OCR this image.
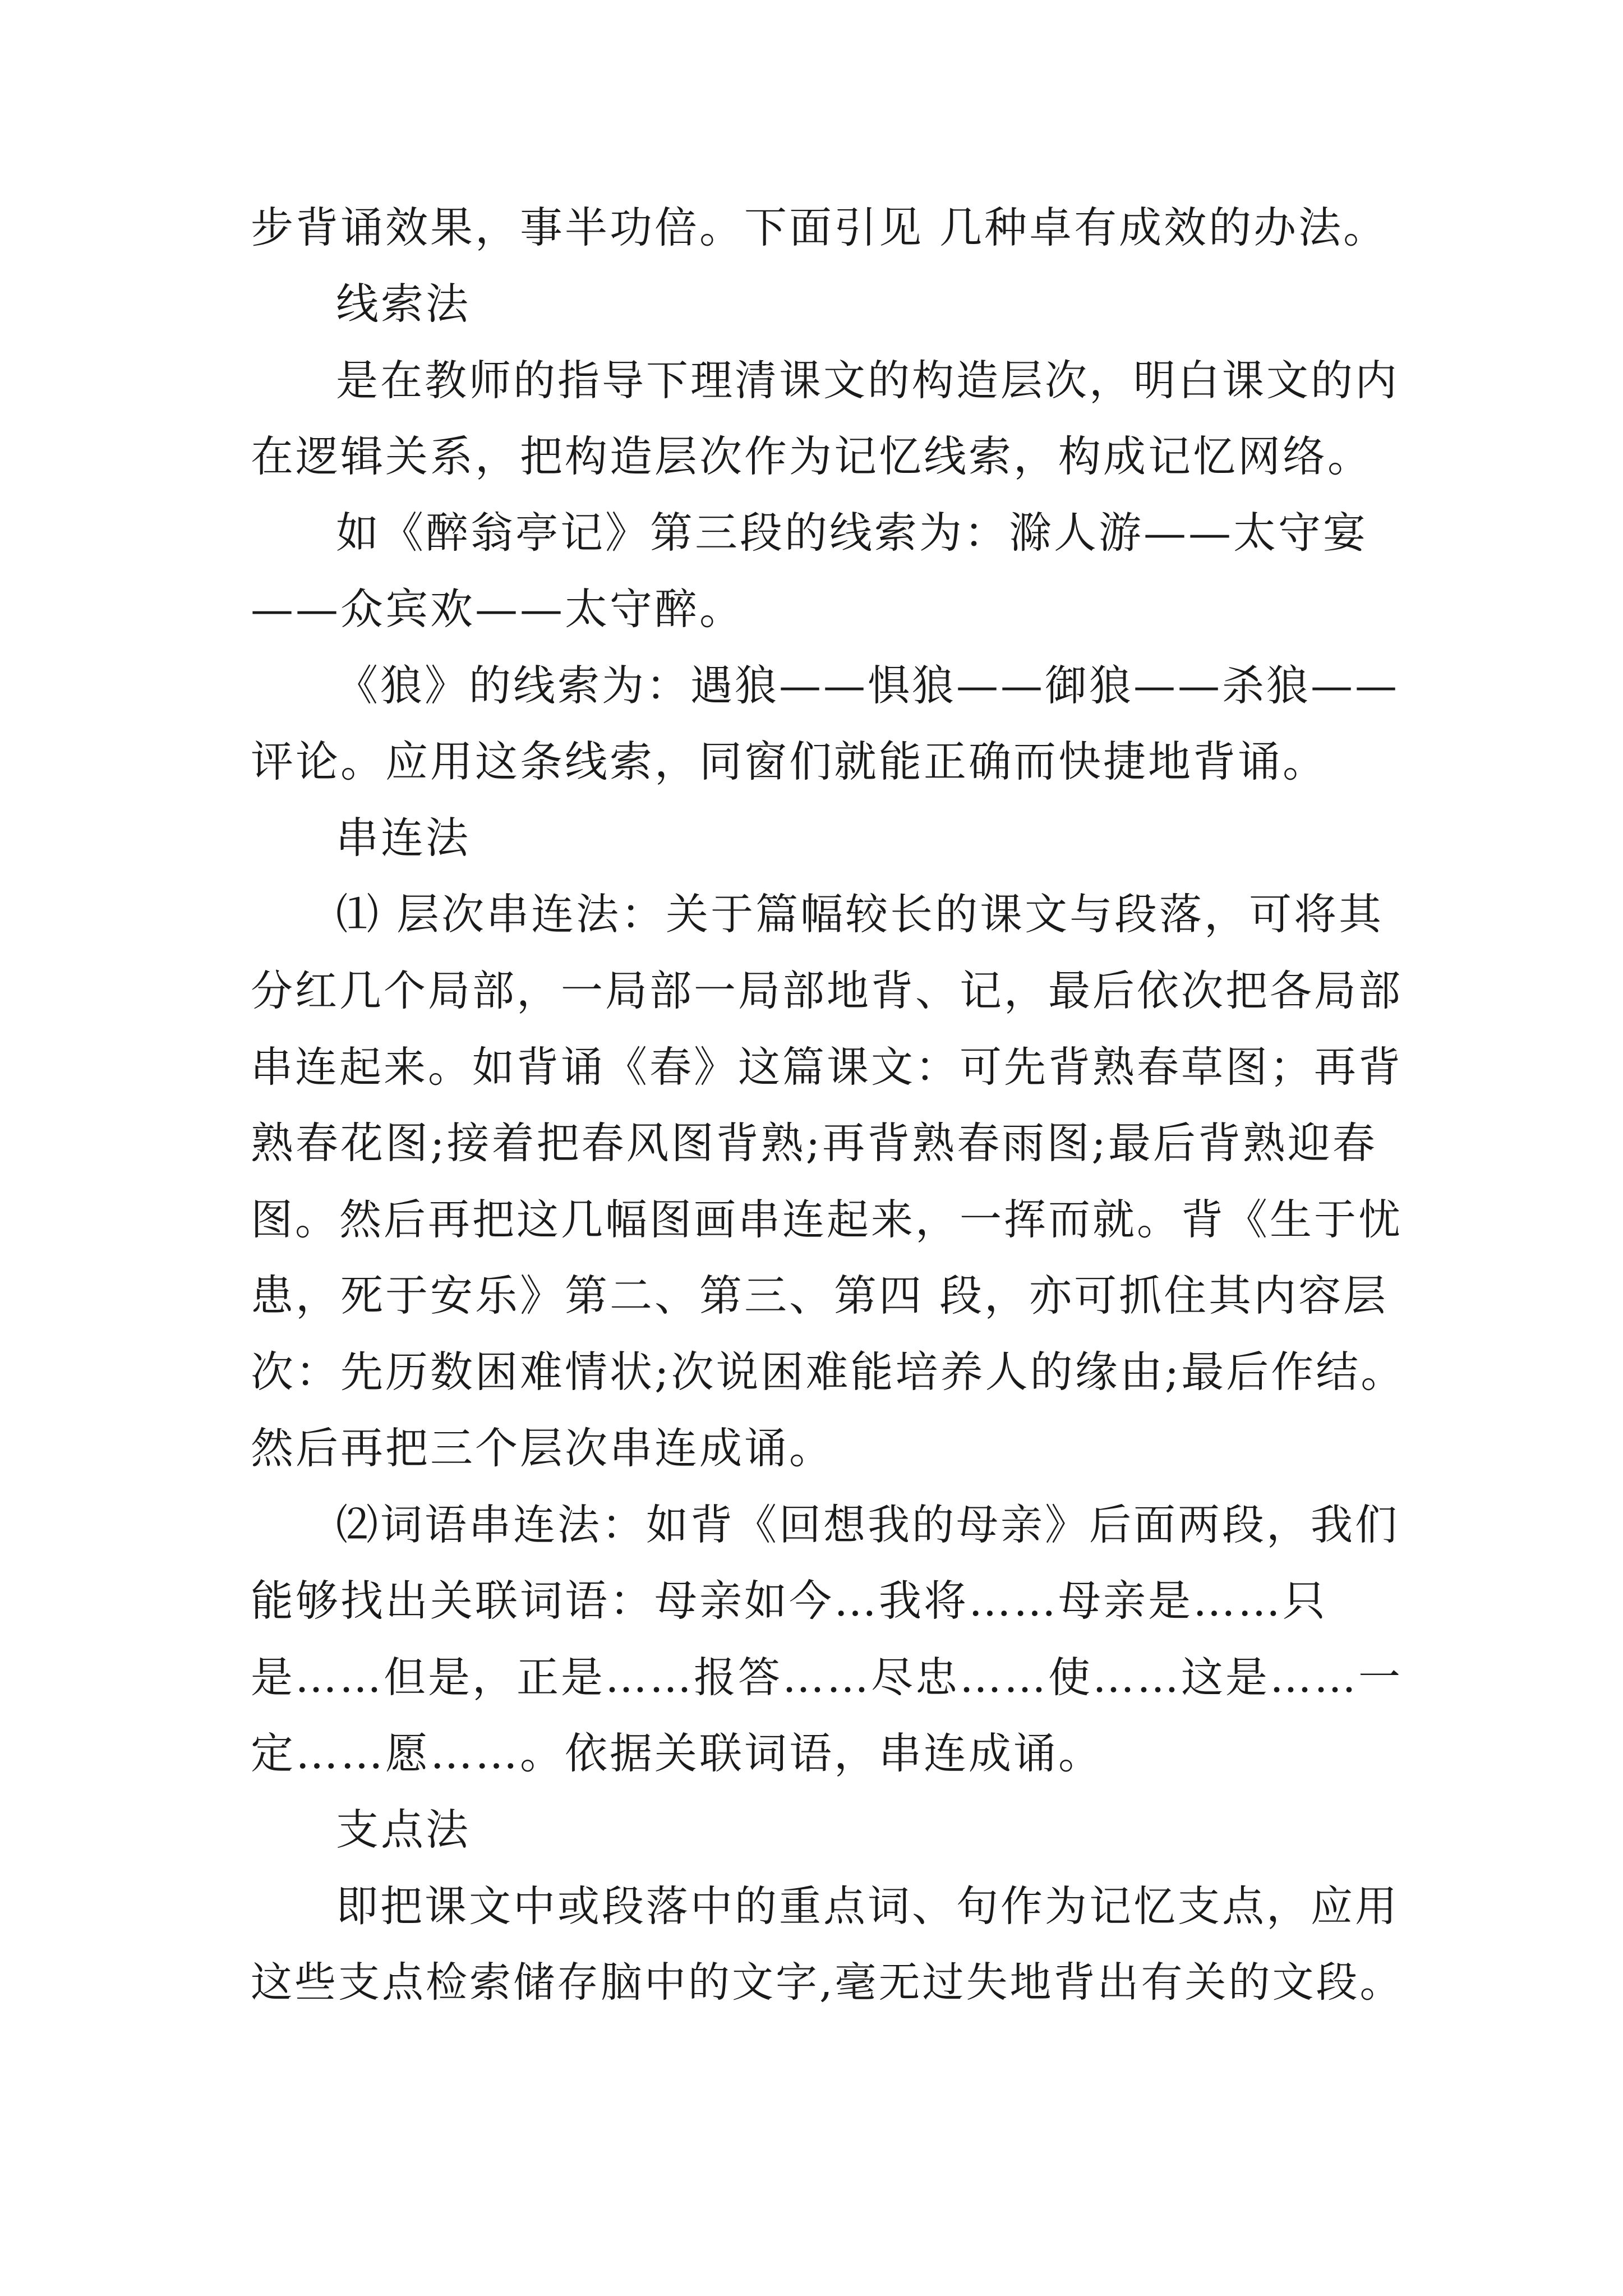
步背诵效果，事半功倍。下面引见 几种卓有成效的办法。
线索法
是在教师的指导下理清课文的构造层次，明白课文的内
在逻辑关系，把构造层次作为记忆线索，构成记忆网络。
如《醉翁亭记》第三段的线索为：滁人游——太守宴
——众宾欢——太守醉。
《狼》的线索为：遇狼——惧狼——御狼——杀狼——
评论。应用这条线索，同窗们就能正确而快捷地背诵。
串连法
⑴ 层次串连法：关于篇幅较长的课文与段落，可将其
分红几个局部，一局部一局部地背、记，最后依次把各局部
串连起来。如背诵《春》这篇课文：可先背熟春草图；再背
熟春花图;接着把春风图背熟;再背熟春雨图;最后背熟迎春
图。然后再把这几幅图画串连起来，一挥而就。背《生于忧
患，死于安乐》第二、第三、第四 段，亦可抓住其内容层
次：先历数困难情状;次说困难能培养人的缘由;最后作结。
然后再把三个层次串连成诵。
⑵词语串连法：如背《回想我的母亲》后面两段，我们
能够找出关联词语：母亲如今…我将……母亲是……只
是……但是，正是……报答……尽忠……使……这是……一
定……愿……。依据关联词语，串连成诵。
支点法
即把课文中或段落中的重点词、句作为记忆支点，应用
这些支点检索储存脑中的文字,毫无过失地背出有关的文段。
